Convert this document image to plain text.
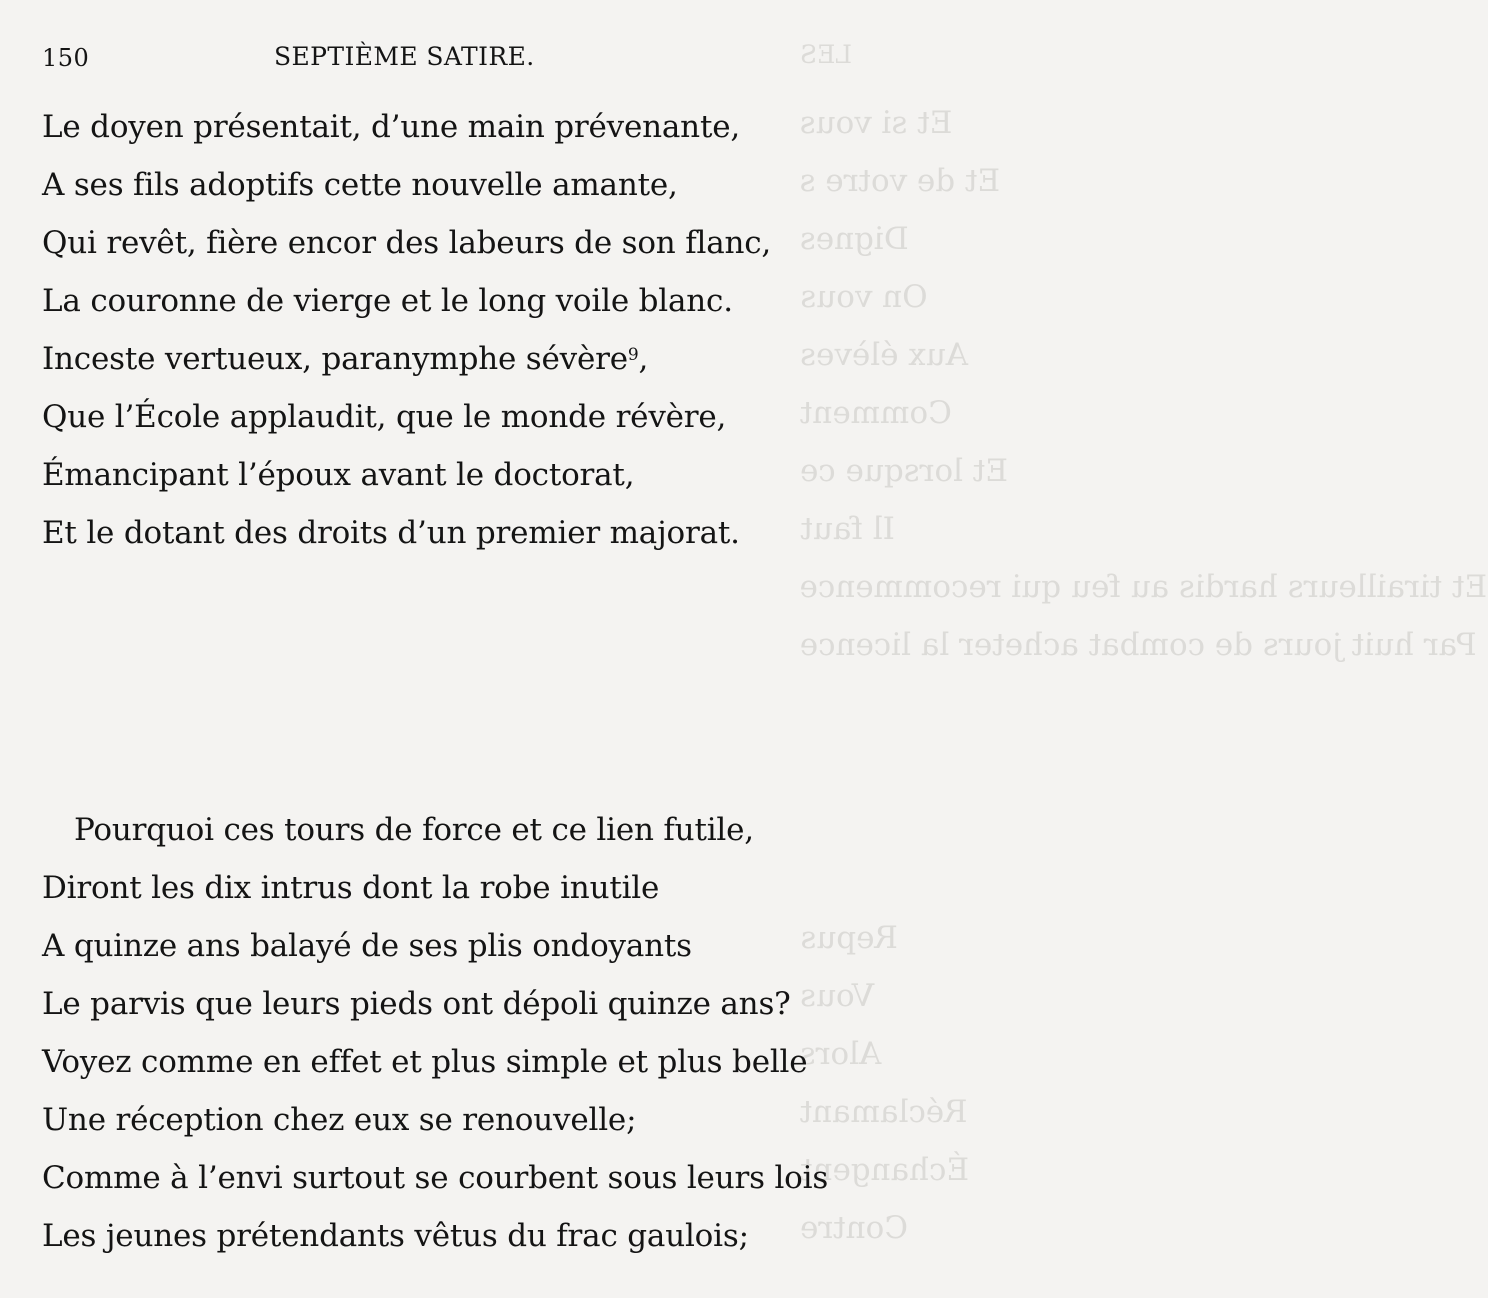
LES
Et si vous
Et de votre s
Dignes
On vous
Aux élèves
Comment
Et lorsque ce
Il faut
Et tirailleurs hardis au feu qui recommence
Par huit jours de combat acheter la licence
Repus
Vous
Alors
Réclamant
Échangent
Contre
150	SEPTIÈME SATIRE.
Le doyen présentait, d’une main prévenante,
A ses fils adoptifs cette nouvelle amante,
Qui revêt, fière encor des labeurs de son flanc,
La couronne de vierge et le long voile blanc.
Inceste vertueux, paranymphe sévère$^9$,
Que l’École applaudit, que le monde révère,
Émancipant l’époux avant le doctorat,
Et le dotant des droits d’un premier majorat.
Pourquoi ces tours de force et ce lien futile,
Diront les dix intrus dont la robe inutile
A quinze ans balayé de ses plis ondoyants
Le parvis que leurs pieds ont dépoli quinze ans?
Voyez comme en effet et plus simple et plus belle
Une réception chez eux se renouvelle;
Comme à l’envi surtout se courbent sous leurs lois
Les jeunes prétendants vêtus du frac gaulois;
